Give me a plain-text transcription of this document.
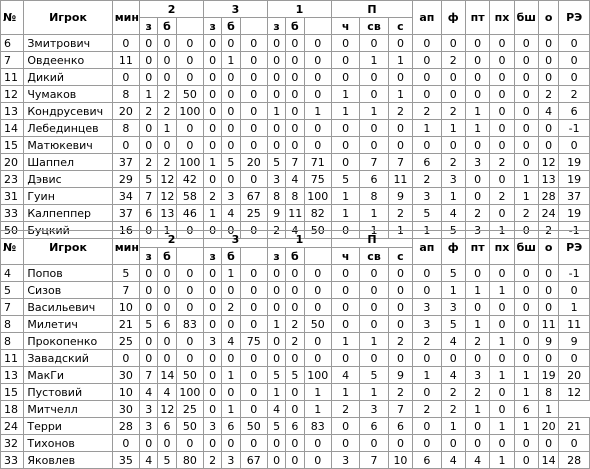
№	Игрок	мин	2			3			1			П			ап	ф	пт	пх	бш	о	РЭ
			з	б		з	б		з	б		ч	св	с							
6	Змитрович	0	0	0	0	0	0	0	0	0	0	0	0	0	0	0	0	0	0	0	0
7	Овдеенко	11	0	0	0	0	1	0	0	0	0	0	1	1	0	2	0	0	0	0	0
11	Дикий	0	0	0	0	0	0	0	0	0	0	0	0	0	0	0	0	0	0	0	0
12	Чумаков	8	1	2	50	0	0	0	0	0	0	1	0	1	0	0	0	0	0	2	2
13	Кондрусевич	20	2	2	100	0	0	0	1	0	1	1	1	2	2	2	1	0	0	4	6
14	Лебединцев	8	0	1	0	0	0	0	0	0	0	0	0	0	1	1	1	0	0	0	-1
15	Матюкевич	0	0	0	0	0	0	0	0	0	0	0	0	0	0	0	0	0	0	0	0
20	Шаппел	37	2	2	100	1	5	20	5	7	71	0	7	7	6	2	3	2	0	12	19
23	Дэвис	29	5	12	42	0	0	0	3	4	75	5	6	11	2	3	0	0	1	13	19
31	Гуин	34	7	12	58	2	3	67	8	8	100	1	8	9	3	1	0	2	1	28	37
33	Калпеппер	37	6	13	46	1	4	25	9	11	82	1	1	2	5	4	2	0	2	24	19
50	Буцкий	16	0	1	0	0	0	0	2	4	50	0	1	1	1	5	3	1	0	2	-1
№	Игрок	мин	2			3			1			П			ап	ф	пт	пх	бш	о	РЭ
			з	б		з	б		з	б		ч	св	с							
4	Попов	5	0	0	0	0	1	0	0	0	0	0	0	0	0	5	0	0	0	0	-1
5	Сизов	7	0	0	0	0	0	0	0	0	0	0	0	0	0	1	1	1	0	0	0
7	Васильевич	10	0	0	0	0	2	0	0	0	0	0	0	0	3	3	0	0	0	0	1
8	Милетич	21	5	6	83	0	0	0	1	2	50	0	0	0	3	5	1	0	0	11	11
8	Прокопенко	25	0	0	0	3	4	75	0	2	0	1	1	2	2	4	2	1	0	9	9
11	Завадский	0	0	0	0	0	0	0	0	0	0	0	0	0	0	0	0	0	0	0	0
13	МакГи	30	7	14	50	0	1	0	5	5	100	4	5	9	1	4	3	1	1	19	20
15	Пустовий	10	4	4	100	0	0	0	1	0	1	1	1	2	0	2	2	0	1	8	12
18	Митчелл	30	3	12	25	0	1	0	4	0	1	2	3	7	2	2	1	0	6	1	
24	Терри	28	3	6	50	3	6	50	5	6	83	0	6	6	0	1	0	1	1	20	21
32	Тихонов	0	0	0	0	0	0	0	0	0	0	0	0	0	0	0	0	0	0	0	0
33	Яковлев	35	4	5	80	2	3	67	0	0	0	3	7	10	6	4	4	1	0	14	28
